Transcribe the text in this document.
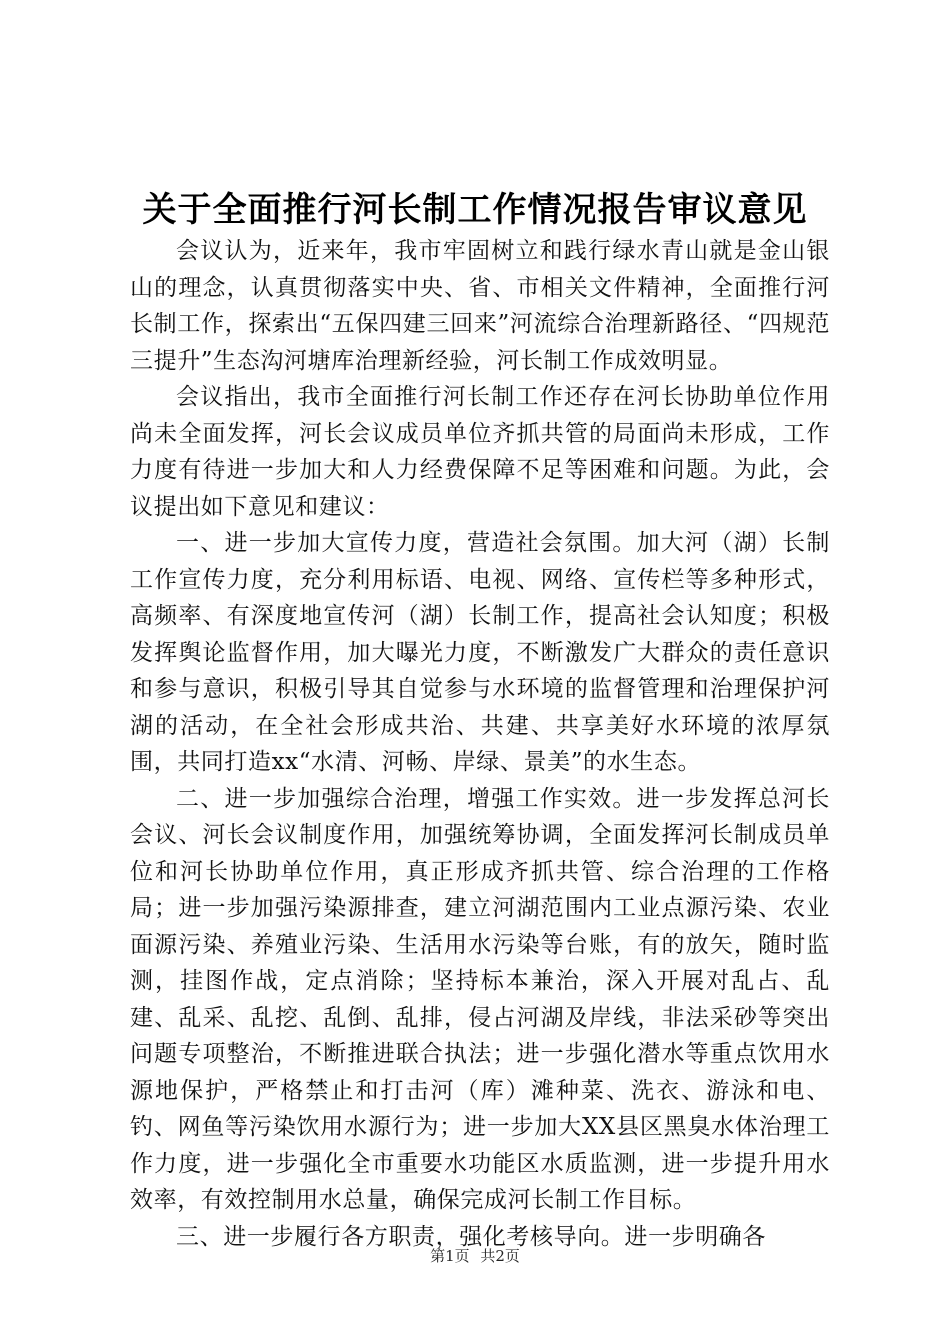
关于全面推行河长制工作情况报告审议意见

会议认为，近来年，我市牢固树立和践行绿水青山就是金山银山的理念，认真贯彻落实中央、省、市相关文件精神，全面推行河长制工作，探索出“五保四建三回来”河流综合治理新路径、“四规范三提升”生态沟河塘库治理新经验，河长制工作成效明显。

会议指出，我市全面推行河长制工作还存在河长协助单位作用尚未全面发挥，河长会议成员单位齐抓共管的局面尚未形成，工作力度有待进一步加大和人力经费保障不足等困难和问题。为此，会议提出如下意见和建议：

一、进一步加大宣传力度，营造社会氛围。加大河（湖）长制工作宣传力度，充分利用标语、电视、网络、宣传栏等多种形式，高频率、有深度地宣传河（湖）长制工作，提高社会认知度；积极发挥舆论监督作用，加大曝光力度，不断激发广大群众的责任意识和参与意识，积极引导其自觉参与水环境的监督管理和治理保护河湖的活动，在全社会形成共治、共建、共享美好水环境的浓厚氛围，共同打造xx“水清、河畅、岸绿、景美”的水生态。

二、进一步加强综合治理，增强工作实效。进一步发挥总河长会议、河长会议制度作用，加强统筹协调，全面发挥河长制成员单位和河长协助单位作用，真正形成齐抓共管、综合治理的工作格局；进一步加强污染源排查，建立河湖范围内工业点源污染、农业面源污染、养殖业污染、生活用水污染等台账，有的放矢，随时监测，挂图作战，定点消除；坚持标本兼治，深入开展对乱占、乱建、乱采、乱挖、乱倒、乱排，侵占河湖及岸线，非法采砂等突出问题专项整治，不断推进联合执法；进一步强化潜水等重点饮用水源地保护，严格禁止和打击河（库）滩种菜、洗衣、游泳和电、钓、网鱼等污染饮用水源行为；进一步加大XX县区黑臭水体治理工作力度，进一步强化全市重要水功能区水质监测，进一步提升用水效率，有效控制用水总量，确保完成河长制工作目标。

三、进一步履行各方职责，强化考核导向。进一步明确各

第1页 共2页
